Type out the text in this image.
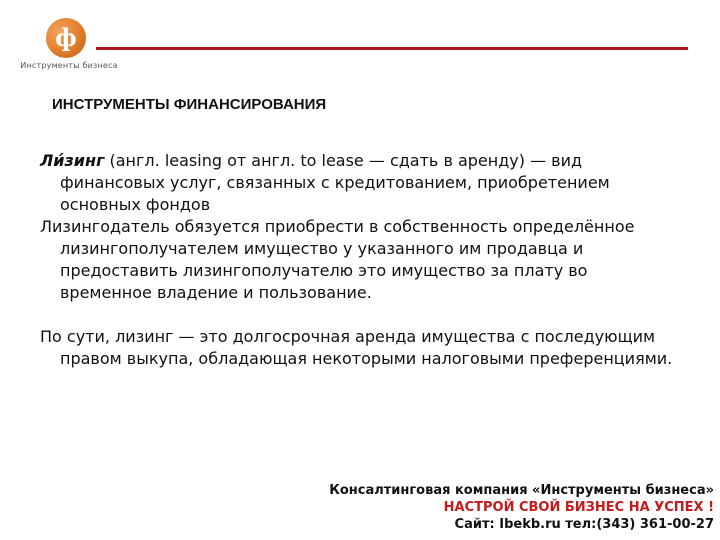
ф
Инструменты бизнеса
ИНСТРУМЕНТЫ ФИНАНСИРОВАНИЯ

Ли́зинг (англ. leasing от англ. to lease — сдать в аренду) — вид финансовых услуг, связанных с кредитованием, приобретением основных фондов

Лизингодатель обязуется приобрести в собственность определённое лизингополучателем имущество у указанного им продавца и предоставить лизингополучателю это имущество за плату во временное владение и пользование.

По сути, лизинг — это долгосрочная аренда имущества с последующим правом выкупа, обладающая некоторыми налоговыми преференциями.

Консалтинговая компания «Инструменты бизнеса»
НАСТРОЙ СВОЙ БИЗНЕС НА УСПЕХ !
Сайт: Ibekb.ru тел:(343) 361-00-27
